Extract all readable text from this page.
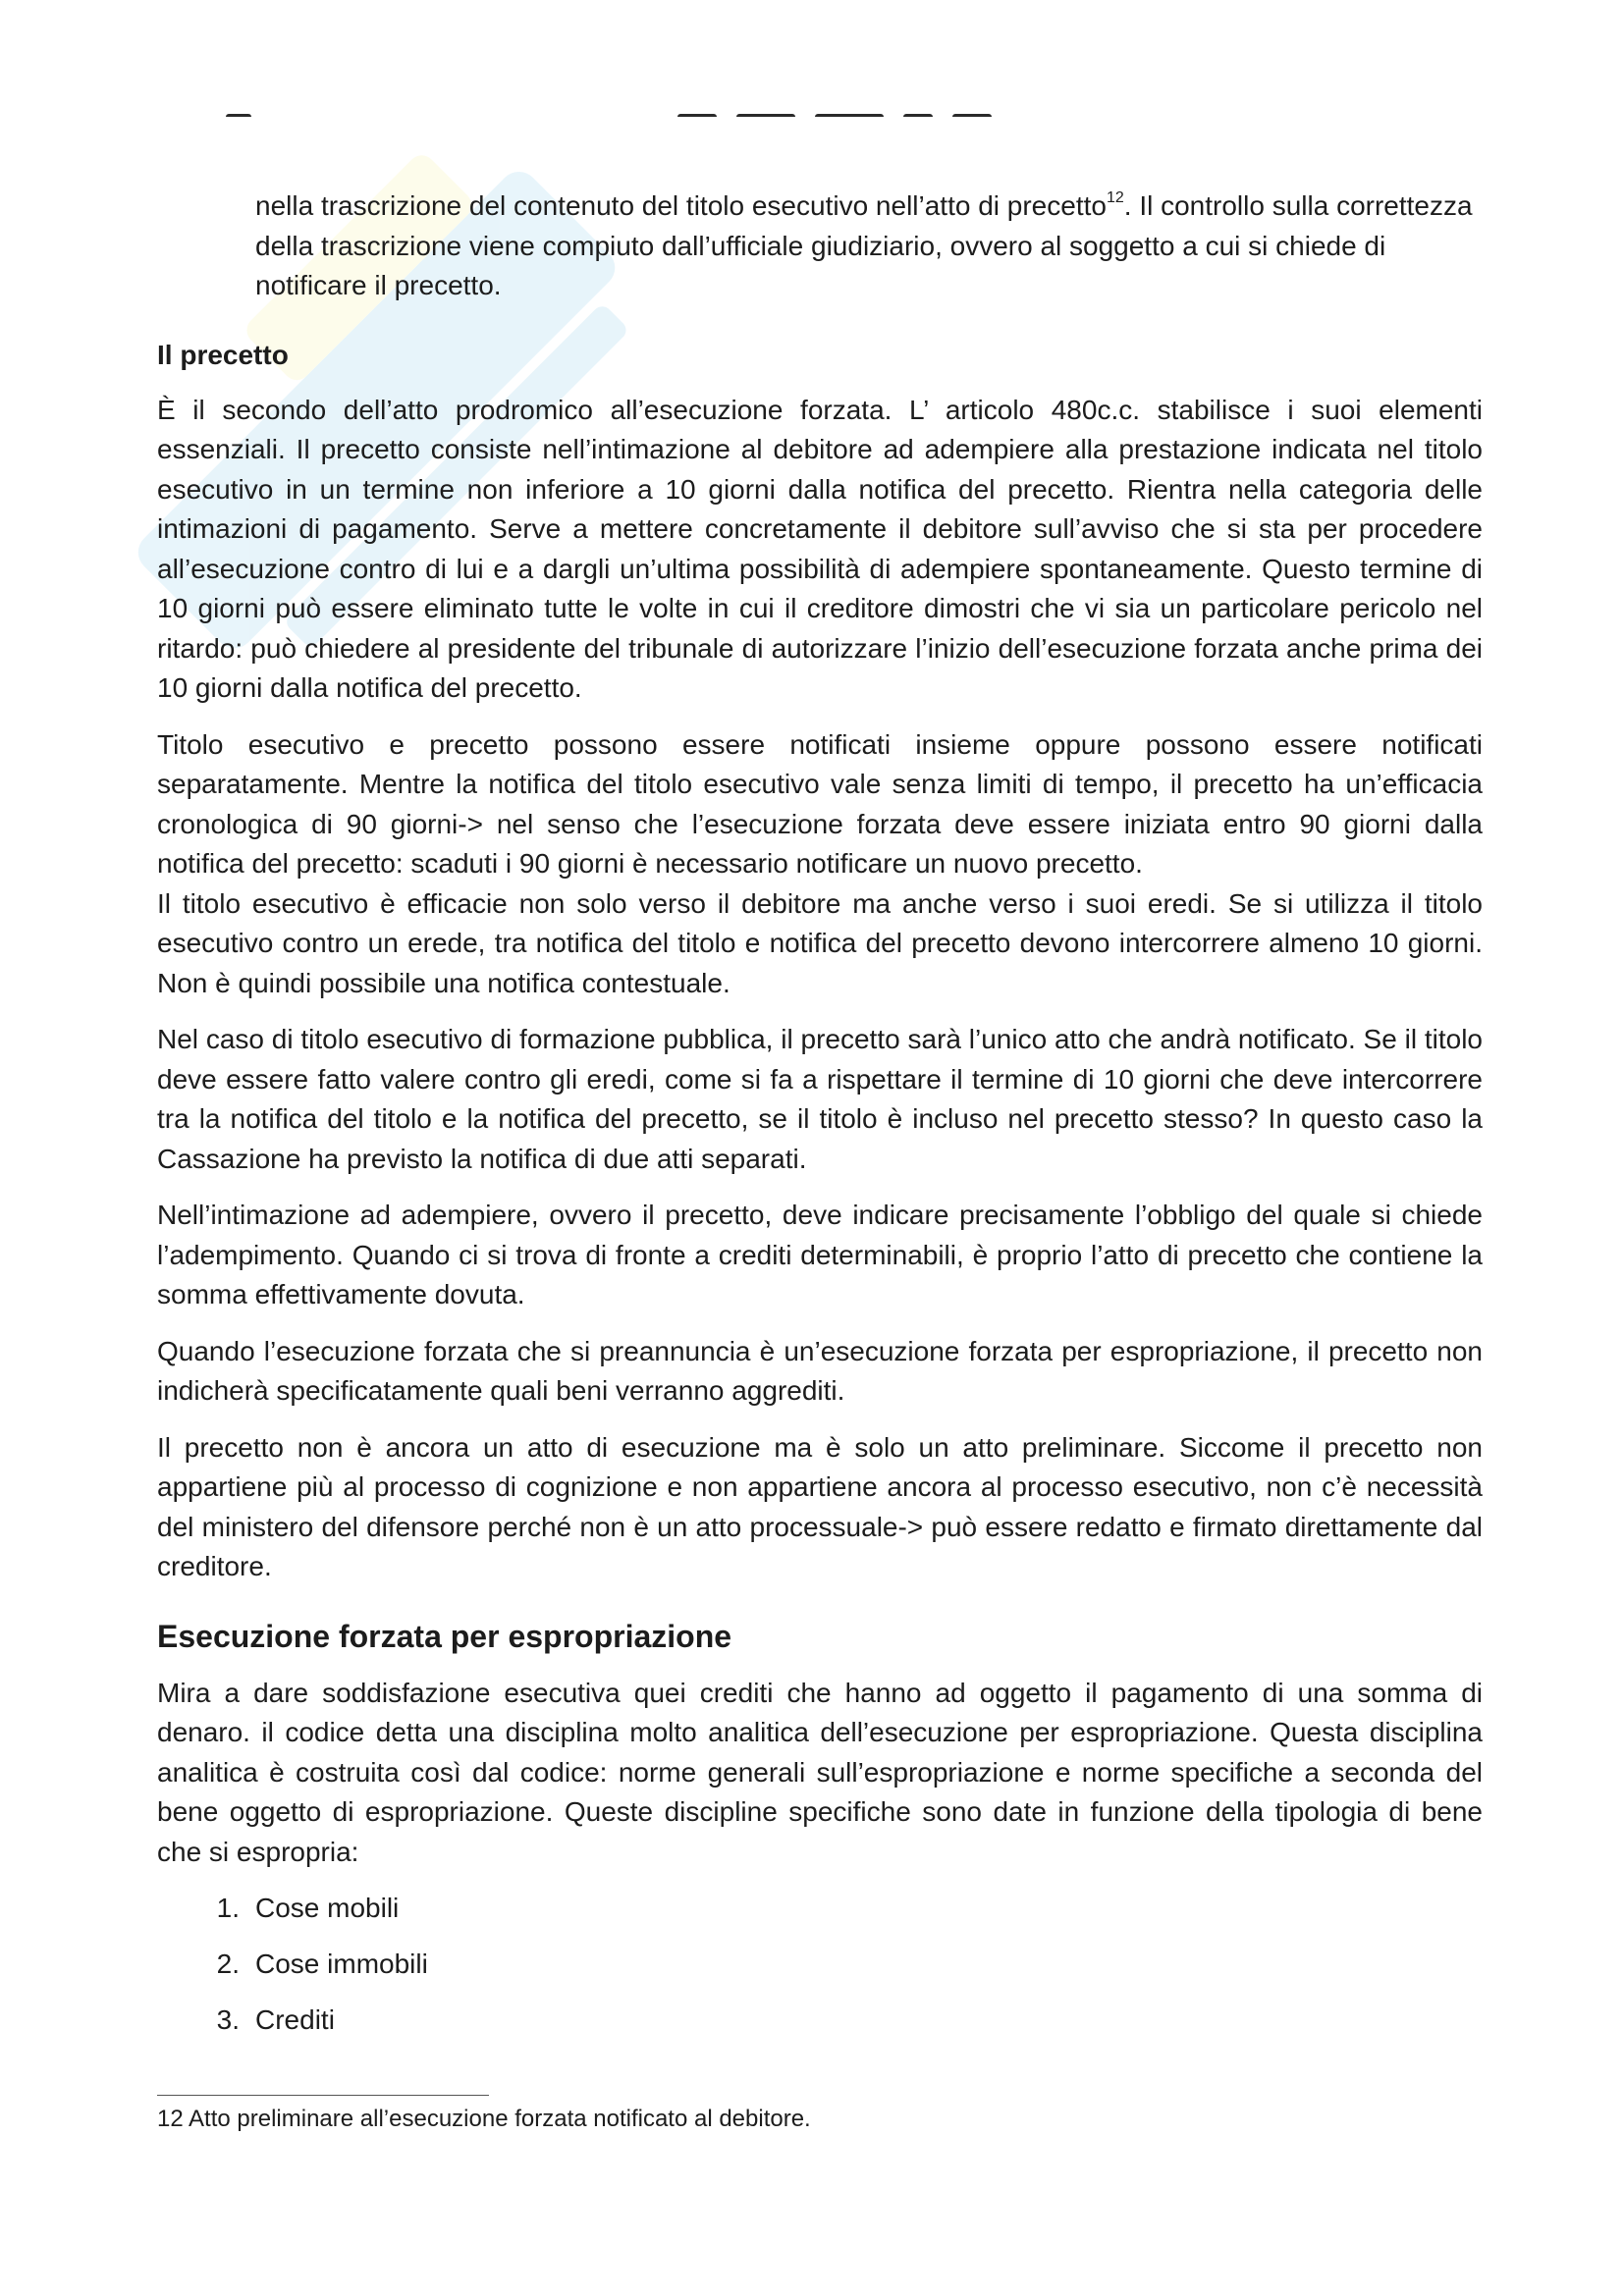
nella trascrizione del contenuto del titolo esecutivo nell’atto di precetto$^{12}$. Il controllo sulla correttezza della trascrizione viene compiuto dall’ufficiale giudiziario, ovvero al soggetto a cui si chiede di notificare il precetto.

Il precetto

È il secondo dell’atto prodromico all’esecuzione forzata. L’ articolo 480c.c. stabilisce i suoi elementi essenziali. Il precetto consiste nell’intimazione al debitore ad adempiere alla prestazione indicata nel titolo esecutivo in un termine non inferiore a 10 giorni dalla notifica del precetto. Rientra nella categoria delle intimazioni di pagamento. Serve a mettere concretamente il debitore sull’avviso che si sta per procedere all’esecuzione contro di lui e a dargli un’ultima possibilità di adempiere spontaneamente. Questo termine di 10 giorni può essere eliminato tutte le volte in cui il creditore dimostri che vi sia un particolare pericolo nel ritardo: può chiedere al presidente del tribunale di autorizzare l’inizio dell’esecuzione forzata anche prima dei 10 giorni dalla notifica del precetto.

Titolo esecutivo e precetto possono essere notificati insieme oppure possono essere notificati separatamente. Mentre la notifica del titolo esecutivo vale senza limiti di tempo, il precetto ha un’efficacia cronologica di 90 giorni-> nel senso che l’esecuzione forzata deve essere iniziata entro 90 giorni dalla notifica del precetto: scaduti i 90 giorni è necessario notificare un nuovo precetto.

Il titolo esecutivo è efficacie non solo verso il debitore ma anche verso i suoi eredi. Se si utilizza il titolo esecutivo contro un erede, tra notifica del titolo e notifica del precetto devono intercorrere almeno 10 giorni. Non è quindi possibile una notifica contestuale.

Nel caso di titolo esecutivo di formazione pubblica, il precetto sarà l’unico atto che andrà notificato. Se il titolo deve essere fatto valere contro gli eredi, come si fa a rispettare il termine di 10 giorni che deve intercorrere tra la notifica del titolo e la notifica del precetto, se il titolo è incluso nel precetto stesso? In questo caso la Cassazione ha previsto la notifica di due atti separati.

Nell’intimazione ad adempiere, ovvero il precetto, deve indicare precisamente l’obbligo del quale si chiede l’adempimento. Quando ci si trova di fronte a crediti determinabili, è proprio l’atto di precetto che contiene la somma effettivamente dovuta.

Quando l’esecuzione forzata che si preannuncia è un’esecuzione forzata per espropriazione, il precetto non indicherà specificatamente quali beni verranno aggrediti.

Il precetto non è ancora un atto di esecuzione ma è solo un atto preliminare. Siccome il precetto non appartiene più al processo di cognizione e non appartiene ancora al processo esecutivo, non c’è necessità del ministero del difensore perché non è un atto processuale-> può essere redatto e firmato direttamente dal creditore.

Esecuzione forzata per espropriazione

Mira a dare soddisfazione esecutiva quei crediti che hanno ad oggetto il pagamento di una somma di denaro. il codice detta una disciplina molto analitica dell’esecuzione per espropriazione. Questa disciplina analitica è costruita così dal codice: norme generali sull’espropriazione e norme specifiche a seconda del bene oggetto di espropriazione. Queste discipline specifiche sono date in funzione della tipologia di bene che si espropria:

1. Cose mobili
2. Cose immobili
3. Crediti
12 Atto preliminare all’esecuzione forzata notificato al debitore.
